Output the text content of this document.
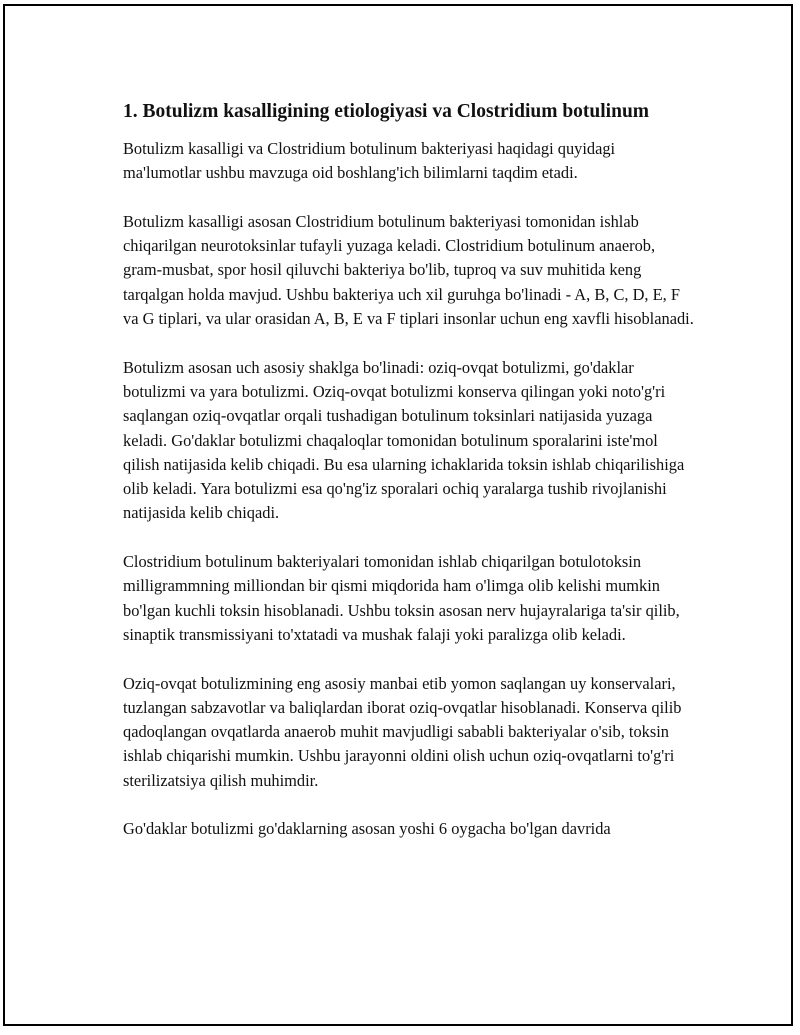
1. Botulizm kasalligining etiologiyasi va Clostridium botulinum

Botulizm kasalligi va Clostridium botulinum bakteriyasi haqidagi quyidagi ma'lumotlar ushbu mavzuga oid boshlang'ich bilimlarni taqdim etadi.

Botulizm kasalligi asosan Clostridium botulinum bakteriyasi tomonidan ishlab chiqarilgan neurotoksinlar tufayli yuzaga keladi. Clostridium botulinum anaerob, gram-musbat, spor hosil qiluvchi bakteriya bo'lib, tuproq va suv muhitida keng tarqalgan holda mavjud. Ushbu bakteriya uch xil guruhga bo'linadi - A, B, C, D, E, F va G tiplari, va ular orasidan A, B, E va F tiplari insonlar uchun eng xavfli hisoblanadi.

Botulizm asosan uch asosiy shaklga bo'linadi: oziq-ovqat botulizmi, go'daklar botulizmi va yara botulizmi. Oziq-ovqat botulizmi konserva qilingan yoki noto'g'ri saqlangan oziq-ovqatlar orqali tushadigan botulinum toksinlari natijasida yuzaga keladi. Go'daklar botulizmi chaqaloqlar tomonidan botulinum sporalarini iste'mol qilish natijasida kelib chiqadi. Bu esa ularning ichaklarida toksin ishlab chiqarilishiga olib keladi. Yara botulizmi esa qo'ng'iz sporalari ochiq yaralarga tushib rivojlanishi natijasida kelib chiqadi.

Clostridium botulinum bakteriyalari tomonidan ishlab chiqarilgan botulotoksin milligrammning milliondan bir qismi miqdorida ham o'limga olib kelishi mumkin bo'lgan kuchli toksin hisoblanadi. Ushbu toksin asosan nerv hujayralariga ta'sir qilib, sinaptik transmissiyani to'xtatadi va mushak falaji yoki paralizga olib keladi.

Oziq-ovqat botulizmining eng asosiy manbai etib yomon saqlangan uy konservalari, tuzlangan sabzavotlar va baliqlardan iborat oziq-ovqatlar hisoblanadi. Konserva qilib qadoqlangan ovqatlarda anaerob muhit mavjudligi sababli bakteriyalar o'sib, toksin ishlab chiqarishi mumkin. Ushbu jarayonni oldini olish uchun oziq-ovqatlarni to'g'ri sterilizatsiya qilish muhimdir.

Go'daklar botulizmi go'daklarning asosan yoshi 6 oygacha bo'lgan davrida
